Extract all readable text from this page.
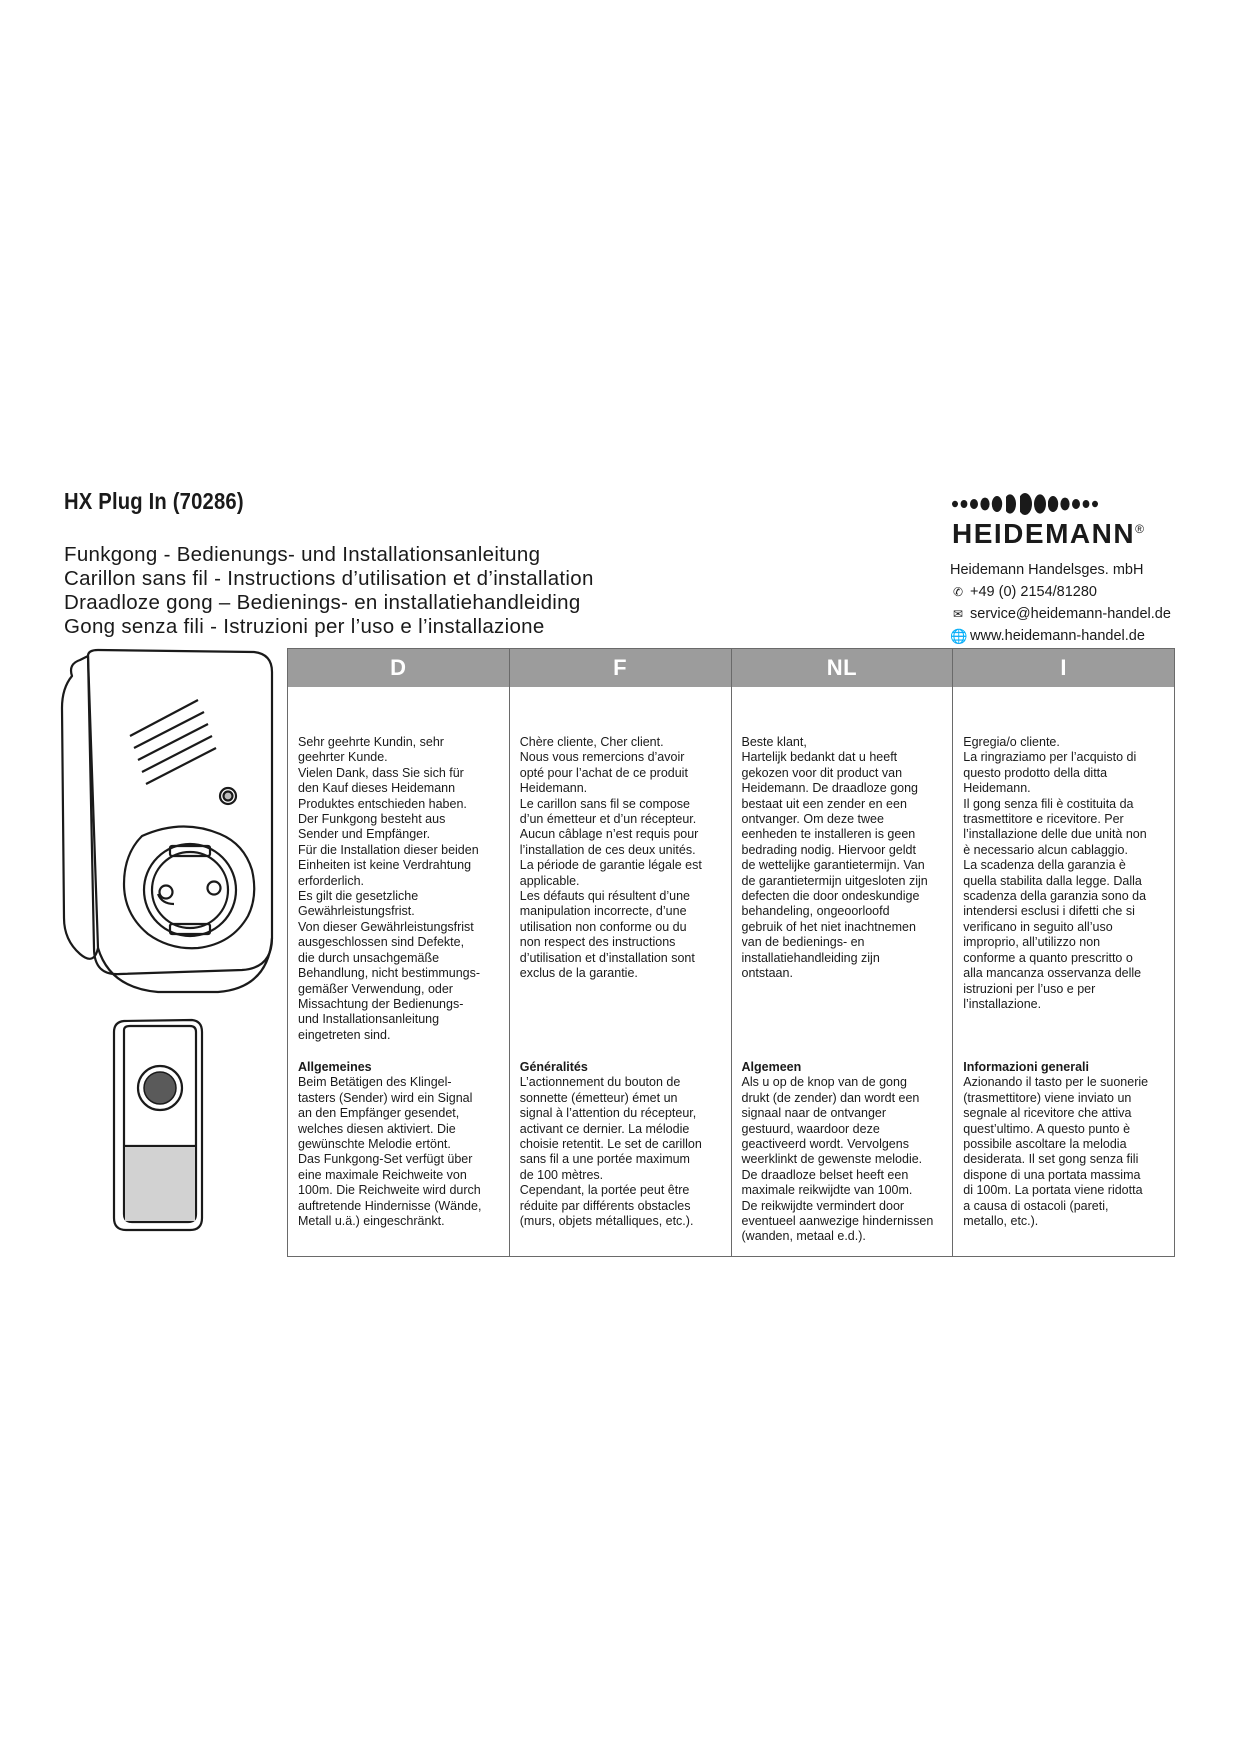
HX Plug In (70286)
Funkgong - Bedienungs- und Installationsanleitung
Carillon sans fil - Instructions d’utilisation et d’installation
Draadloze gong – Bedienings- en installatiehandleiding
Gong senza fili - Istruzioni per l’uso e l’installazione
HEIDEMANN®
Heidemann Handelsges. mbH
✆ +49 (0) 2154/81280
✉ service@heidemann-handel.de
🌐 www.heidemann-handel.de
D
Sehr geehrte Kundin, sehr
geehrter Kunde.
Vielen Dank, dass Sie sich für
den Kauf dieses Heidemann
Produktes entschieden haben.
Der Funkgong besteht aus
Sender und Empfänger.
Für die Installation dieser beiden
Einheiten ist keine Verdrahtung
erforderlich.
Es gilt die gesetzliche
Gewährleistungsfrist.
Von dieser Gewährleistungsfrist
ausgeschlossen sind Defekte,
die durch unsachgemäße
Behandlung, nicht bestimmungs-
gemäßer Verwendung, oder
Missachtung der Bedienungs-
und Installationsanleitung
eingetreten sind.
Allgemeines
Beim Betätigen des Klingel-
tasters (Sender) wird ein Signal
an den Empfänger gesendet,
welches diesen aktiviert. Die
gewünschte Melodie ertönt.
Das Funkgong-Set verfügt über
eine maximale Reichweite von
100m. Die Reichweite wird durch
auftretende Hindernisse (Wände,
Metall u.ä.) eingeschränkt.
F
Chère cliente, Cher client.
Nous vous remercions d’avoir
opté pour l’achat de ce produit
Heidemann.
Le carillon sans fil se compose
d’un émetteur et d’un récepteur.
Aucun câblage n’est requis pour
l’installation de ces deux unités.
La période de garantie légale est
applicable.
Les défauts qui résultent d’une
manipulation incorrecte, d’une
utilisation non conforme ou du
non respect des instructions
d’utilisation et d’installation sont
exclus de la garantie.
Généralités
L’actionnement du bouton de
sonnette (émetteur) émet un
signal à l’attention du récepteur,
activant ce dernier. La mélodie
choisie retentit. Le set de carillon
sans fil a une portée maximum
de 100 mètres.
Cependant, la portée peut être
réduite par différents obstacles
(murs, objets métalliques, etc.).
NL
Beste klant,
Hartelijk bedankt dat u heeft
gekozen voor dit product van
Heidemann. De draadloze gong
bestaat uit een zender en een
ontvanger. Om deze twee
eenheden te installeren is geen
bedrading nodig. Hiervoor geldt
de wettelijke garantietermijn. Van
de garantietermijn uitgesloten zijn
defecten die door ondeskundige
behandeling, ongeoorloofd
gebruik of het niet inachtnemen
van de bedienings- en
installatiehandleiding zijn
ontstaan.
Algemeen
Als u op de knop van de gong
drukt (de zender) dan wordt een
signaal naar de ontvanger
gestuurd, waardoor deze
geactiveerd wordt. Vervolgens
weerklinkt de gewenste melodie.
De draadloze belset heeft een
maximale reikwijdte van 100m.
De reikwijdte vermindert door
eventueel aanwezige hindernissen
(wanden, metaal e.d.).
I
Egregia/o cliente.
La ringraziamo per l’acquisto di
questo prodotto della ditta
Heidemann.
Il gong senza fili è costituita da
trasmettitore e ricevitore. Per
l’installazione delle due unità non
è necessario alcun cablaggio.
La scadenza della garanzia è
quella stabilita dalla legge. Dalla
scadenza della garanzia sono da
intendersi esclusi i difetti che si
verificano in seguito all’uso
improprio, all’utilizzo non
conforme a quanto prescritto o
alla mancanza osservanza delle
istruzioni per l’uso e per
l’installazione.
Informazioni generali
Azionando il tasto per le suonerie
(trasmettitore) viene inviato un
segnale al ricevitore che attiva
quest’ultimo. A questo punto è
possibile ascoltare la melodia
desiderata. Il set gong senza fili
dispone di una portata massima
di 100m. La portata viene ridotta
a causa di ostacoli (pareti,
metallo, etc.).
